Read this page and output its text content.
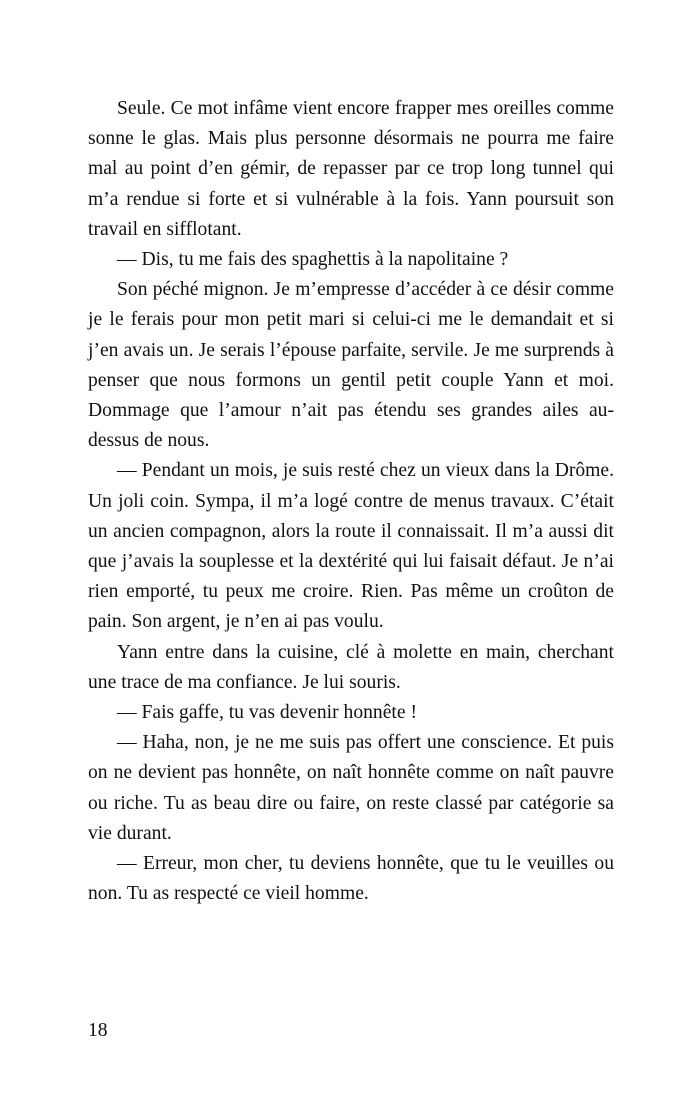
Seule. Ce mot infâme vient encore frapper mes oreilles comme sonne le glas. Mais plus personne désormais ne pourra me faire mal au point d’en gémir, de repasser par ce trop long tunnel qui m’a rendue si forte et si vulnérable à la fois. Yann poursuit son travail en sifflotant.

— Dis, tu me fais des spaghettis à la napolitaine ?

Son péché mignon. Je m’empresse d’accéder à ce désir comme je le ferais pour mon petit mari si celui-ci me le demandait et si j’en avais un. Je serais l’épouse parfaite, servile. Je me surprends à penser que nous formons un gentil petit couple Yann et moi. Dommage que l’amour n’ait pas étendu ses grandes ailes au-dessus de nous.

— Pendant un mois, je suis resté chez un vieux dans la Drôme. Un joli coin. Sympa, il m’a logé contre de menus travaux. C’était un ancien compagnon, alors la route il connaissait. Il m’a aussi dit que j’avais la souplesse et la dextérité qui lui faisait défaut. Je n’ai rien emporté, tu peux me croire. Rien. Pas même un croûton de pain. Son argent, je n’en ai pas voulu.

Yann entre dans la cuisine, clé à molette en main, cherchant une trace de ma confiance. Je lui souris.

— Fais gaffe, tu vas devenir honnête !

— Haha, non, je ne me suis pas offert une conscience. Et puis on ne devient pas honnête, on naît honnête comme on naît pauvre ou riche. Tu as beau dire ou faire, on reste classé par catégorie sa vie durant.

— Erreur, mon cher, tu deviens honnête, que tu le veuilles ou non. Tu as respecté ce vieil homme.

18
